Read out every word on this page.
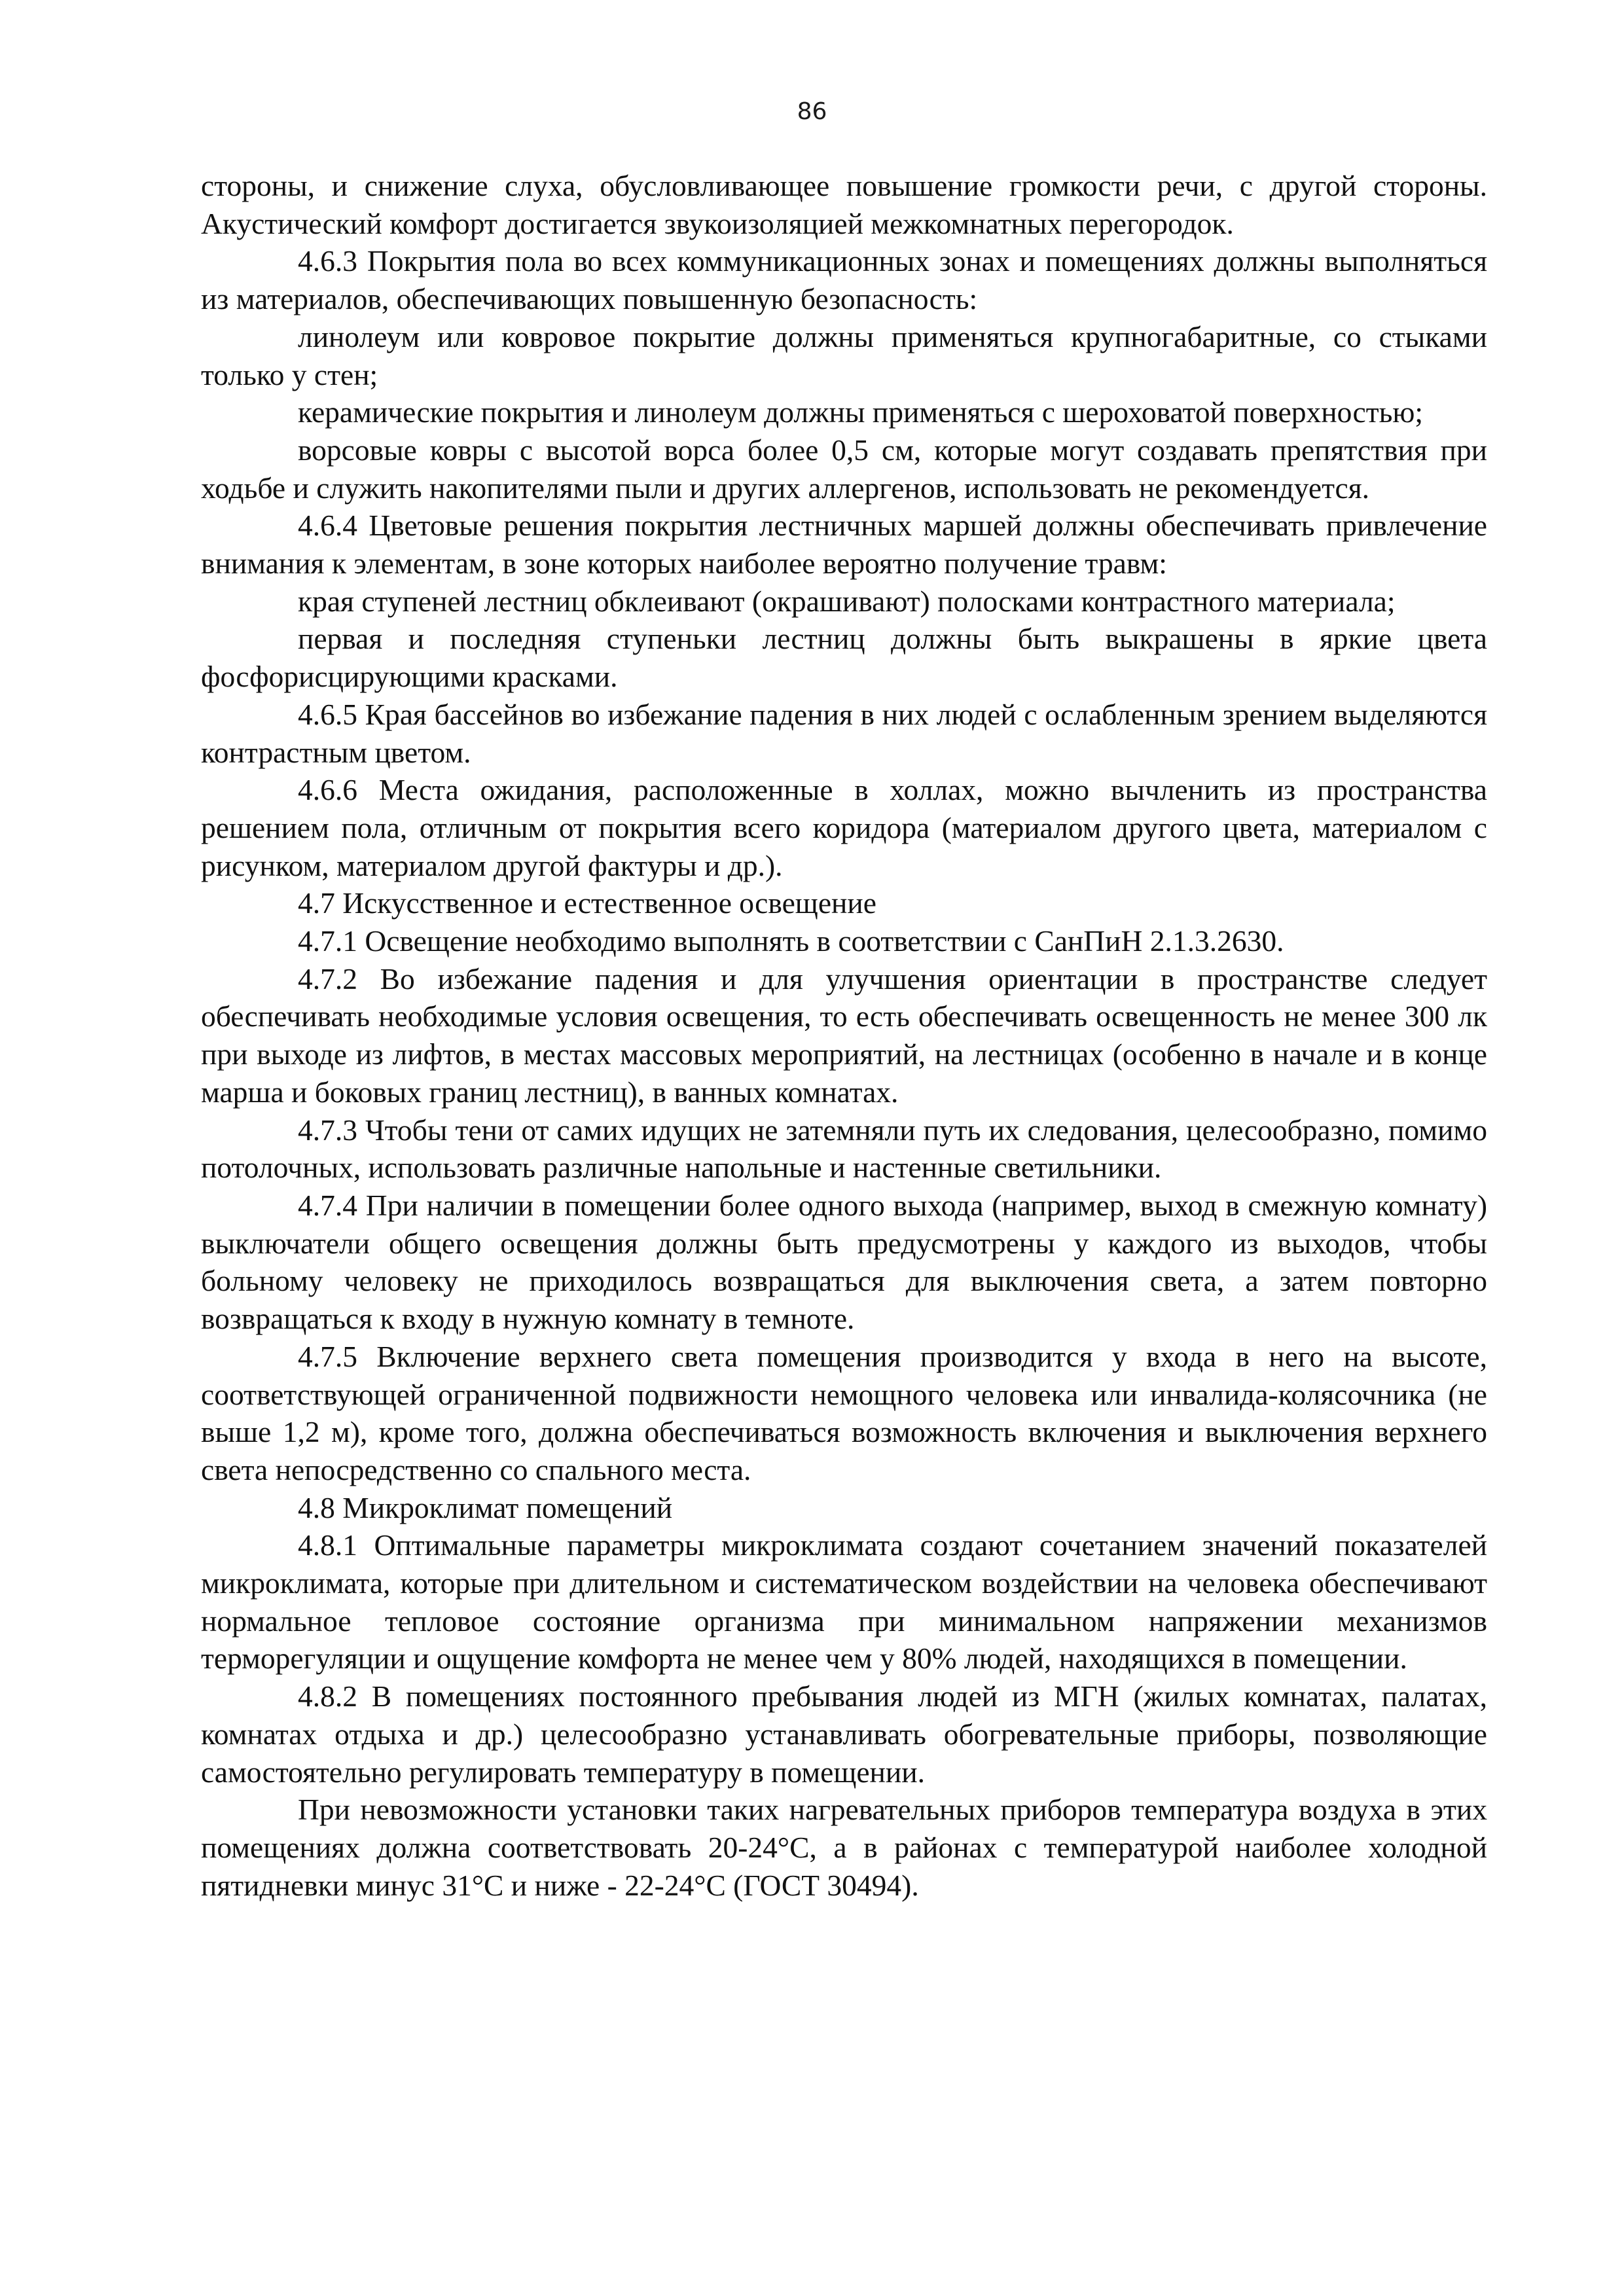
86

стороны, и снижение слуха, обусловливающее повышение громкости речи, с другой стороны. Акустический комфорт достигается звукоизоляцией межкомнатных перегородок.

4.6.3 Покрытия пола во всех коммуникационных зонах и помещениях должны выполняться из материалов, обеспечивающих повышенную безопасность:

линолеум или ковровое покрытие должны применяться крупногабаритные, со стыками только у стен;

керамические покрытия и линолеум должны применяться с шероховатой поверхностью;

ворсовые ковры с высотой ворса более 0,5 см, которые могут создавать препятствия при ходьбе и служить накопителями пыли и других аллергенов, использовать не рекомендуется.

4.6.4 Цветовые решения покрытия лестничных маршей должны обеспечивать привлечение внимания к элементам, в зоне которых наиболее вероятно получение травм:

края ступеней лестниц обклеивают (окрашивают) полосками контрастного материала;

первая и последняя ступеньки лестниц должны быть выкрашены в яркие цвета фосфорисцирующими красками.

4.6.5 Края бассейнов во избежание падения в них людей с ослабленным зрением выделяются контрастным цветом.

4.6.6 Места ожидания, расположенные в холлах, можно вычленить из пространства решением пола, отличным от покрытия всего коридора (материалом другого цвета, материалом с рисунком, материалом другой фактуры и др.).

4.7 Искусственное и естественное освещение

4.7.1 Освещение необходимо выполнять в соответствии с СанПиН 2.1.3.2630.

4.7.2 Во избежание падения и для улучшения ориентации в пространстве следует обеспечивать необходимые условия освещения, то есть обеспечивать освещенность не менее 300 лк при выходе из лифтов, в местах массовых мероприятий, на лестницах (особенно в начале и в конце марша и боковых границ лестниц), в ванных комнатах.

4.7.3 Чтобы тени от самих идущих не затемняли путь их следования, целесообразно, помимо потолочных, использовать различные напольные и настенные светильники.

4.7.4 При наличии в помещении более одного выхода (например, выход в смежную комнату) выключатели общего освещения должны быть предусмотрены у каждого из выходов, чтобы больному человеку не приходилось возвращаться для выключения света, а затем повторно возвращаться к входу в нужную комнату в темноте.

4.7.5 Включение верхнего света помещения производится у входа в него на высоте, соответствующей ограниченной подвижности немощного человека или инвалида-колясочника (не выше 1,2 м), кроме того, должна обеспечиваться возможность включения и выключения верхнего света непосредственно со спального места.

4.8 Микроклимат помещений

4.8.1 Оптимальные параметры микроклимата создают сочетанием значений показателей микроклимата, которые при длительном и систематическом воздействии на человека обеспечивают нормальное тепловое состояние организма при минимальном напряжении механизмов терморегуляции и ощущение комфорта не менее чем у 80% людей, находящихся в помещении.

4.8.2 В помещениях постоянного пребывания людей из МГН (жилых комнатах, палатах, комнатах отдыха и др.) целесообразно устанавливать обогревательные приборы, позволяющие самостоятельно регулировать температуру в помещении.

При невозможности установки таких нагревательных приборов температура воздуха в этих помещениях должна соответствовать 20-24°С, а в районах с температурой наиболее холодной пятидневки минус 31°С и ниже - 22-24°С (ГОСТ 30494).
